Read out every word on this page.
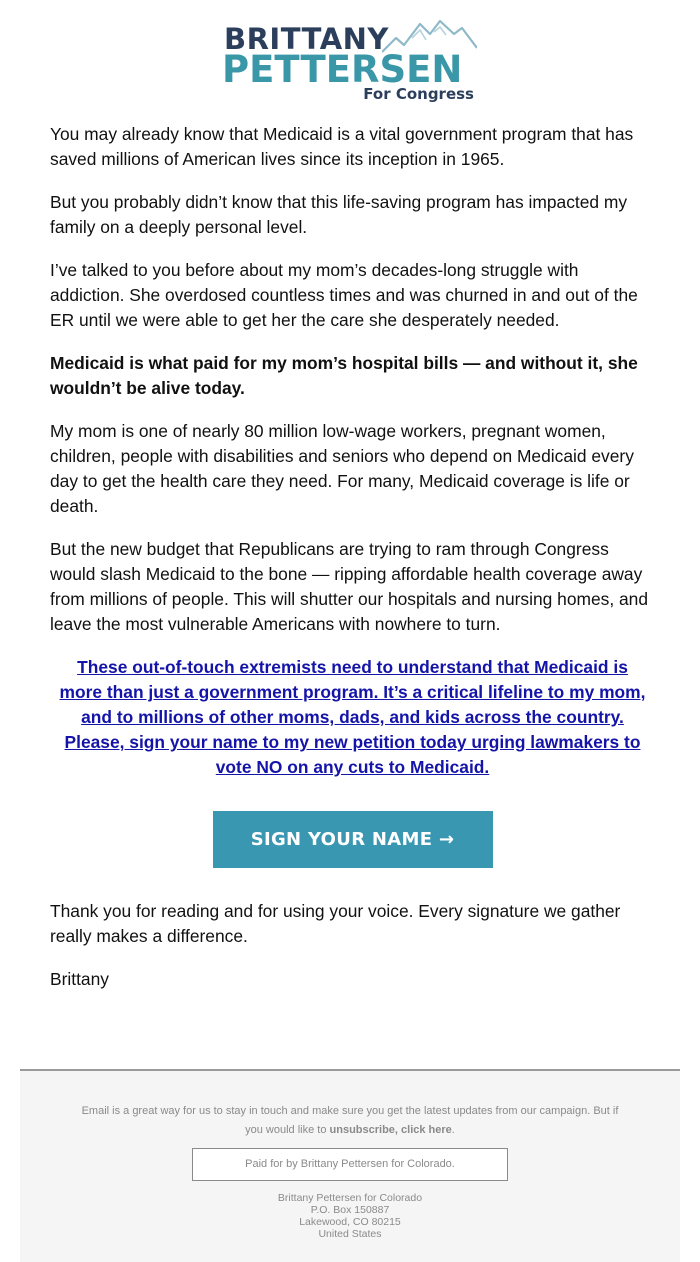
BRITTANY
PETTERSEN
For Congress

You may already know that Medicaid is a vital government program that has saved millions of American lives since its inception in 1965.

But you probably didn’t know that this life-saving program has impacted my family on a deeply personal level.

I’ve talked to you before about my mom’s decades-long struggle with addiction. She overdosed countless times and was churned in and out of the ER until we were able to get her the care she desperately needed.

Medicaid is what paid for my mom’s hospital bills — and without it, she wouldn’t be alive today.

My mom is one of nearly 80 million low-wage workers, pregnant women, children, people with disabilities and seniors who depend on Medicaid every day to get the health care they need. For many, Medicaid coverage is life or death.

But the new budget that Republicans are trying to ram through Congress would slash Medicaid to the bone — ripping affordable health coverage away from millions of people. This will shutter our hospitals and nursing homes, and leave the most vulnerable Americans with nowhere to turn.

These out-of-touch extremists need to understand that Medicaid is more than just a government program. It’s a critical lifeline to my mom, and to millions of other moms, dads, and kids across the country. Please, sign your name to my new petition today urging lawmakers to vote NO on any cuts to Medicaid.
SIGN YOUR NAME →

Thank you for reading and for using your voice. Every signature we gather really makes a difference.

Brittany

Email is a great way for us to stay in touch and make sure you get the latest updates from our campaign. But if you would like to unsubscribe, click here.
Paid for by Brittany Pettersen for Colorado.
Brittany Pettersen for Colorado
P.O. Box 150887
Lakewood, CO 80215
United States
